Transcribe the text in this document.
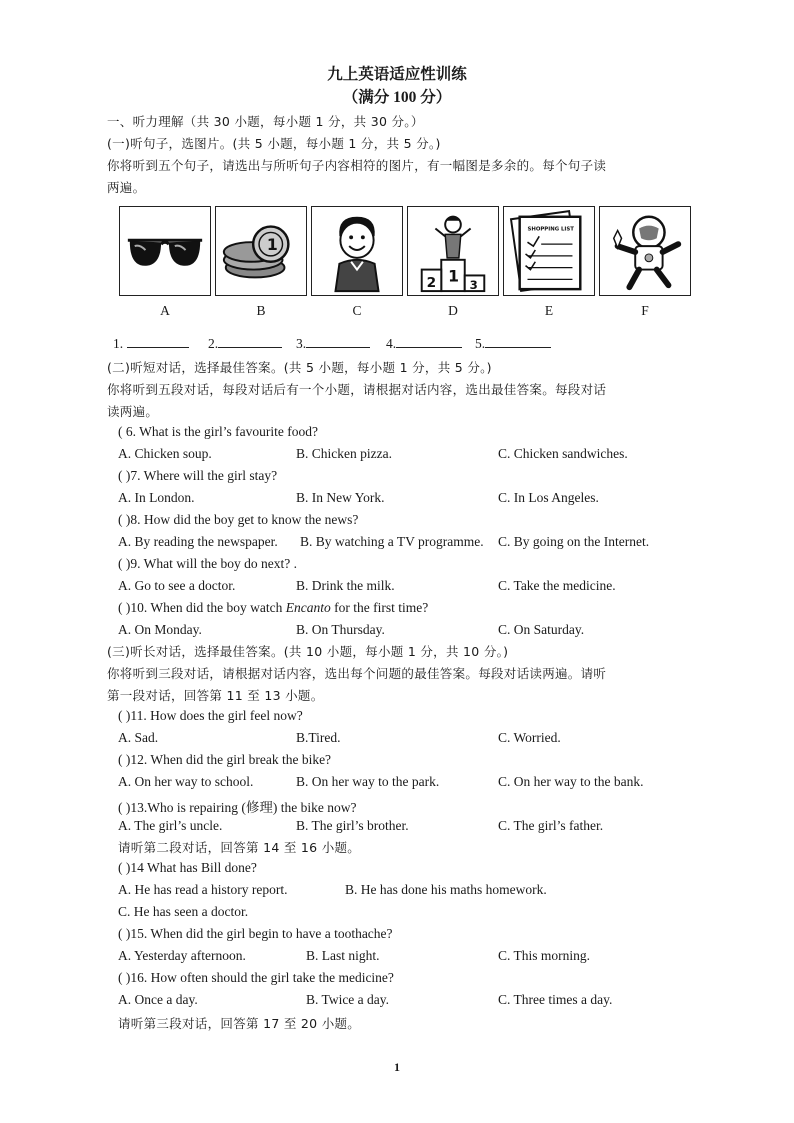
九上英语适应性训练
（满分 100 分）
一、听力理解（共 30 小题，每小题 1 分，共 30 分。）
(一)听句子，选图片。(共 5 小题，每小题 1 分，共 5 分。)
你将听到五个句子，请选出与所听句子内容相符的图片，有一幅图是多余的。每个句子读
两遍。
1
1
2	3
SHOPPING LIST
A	B	C	D	E	F
1.	2.	3.	4.	5.
(二)听短对话，选择最佳答案。(共 5 小题，每小题 1 分，共 5 分。)
你将听到五段对话，每段对话后有一个小题，请根据对话内容，选出最佳答案。每段对话
读两遍。
( 6. What is the girl’s favourite food?
A. Chicken soup.	B. Chicken pizza.	C. Chicken sandwiches.
( )7. Where will the girl stay?
A. In London.	B. In New York.	C. In Los Angeles.
( )8. How did the boy get to know the news?
A. By reading the newspaper. B. By watching a TV programme. C. By going on the Internet.
( )9. What will the boy do next? .
A. Go to see a doctor.	B. Drink the milk.	C. Take the medicine.
( )10. When did the boy watch Encanto for the first time?
A. On Monday.	B. On Thursday.	C. On Saturday.
(三)听长对话，选择最佳答案。(共 10 小题，每小题 1 分，共 10 分。)
你将听到三段对话，请根据对话内容，选出每个问题的最佳答案。每段对话读两遍。请听
第一段对话，回答第 11 至 13 小题。
( )11. How does the girl feel now?
A. Sad.	B.Tired.	C. Worried.
( )12. When did the girl break the bike?
A. On her way to school.	B. On her way to the park.	C. On her way to the bank.
( )13.Who is repairing (修理) the bike now?
A. The girl’s uncle.	B. The girl’s brother.	C. The girl’s father.
请听第二段对话，回答第 14 至 16 小题。
( )14 What has Bill done?
A. He has read a history report.	B. He has done his maths homework.
C. He has seen a doctor.
( )15. When did the girl begin to have a toothache?
A. Yesterday afternoon.	B. Last night.	C. This morning.
( )16. How often should the girl take the medicine?
A. Once a day.	B. Twice a day.	C. Three times a day.
请听第三段对话，回答第 17 至 20 小题。
1
